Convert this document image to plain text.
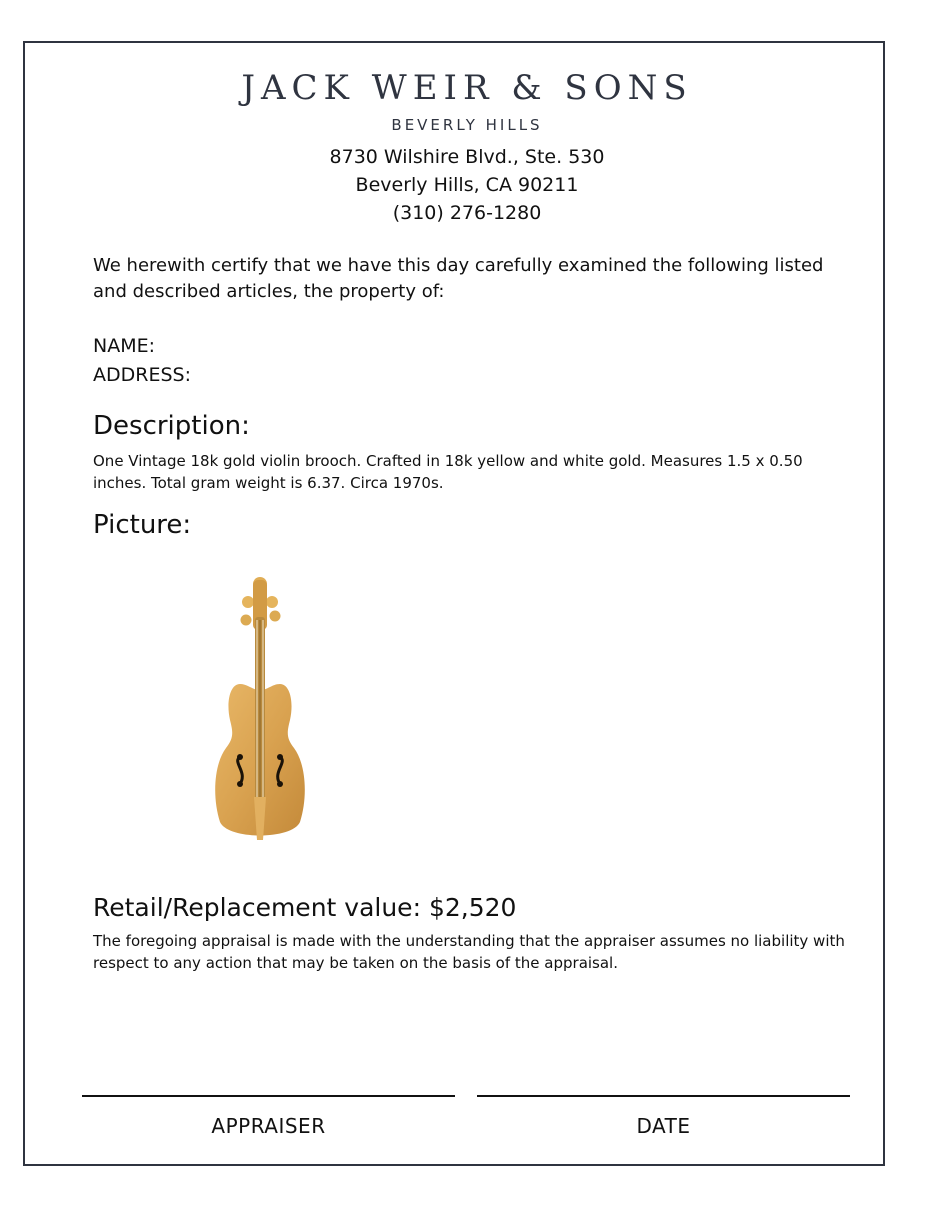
JACK WEIR & SONS
BEVERLY HILLS
8730 Wilshire Blvd., Ste. 530
Beverly Hills, CA 90211
(310) 276-1280
We herewith certify that we have this day carefully examined the following listed and described articles, the property of:
NAME:
ADDRESS:
Description:
One Vintage 18k gold violin brooch. Crafted in 18k yellow and white gold. Measures 1.5 x 0.50 inches. Total gram weight is 6.37. Circa 1970s.
Picture:
Retail/Replacement value: $2,520
The foregoing appraisal is made with the understanding that the appraiser assumes no liability with respect to any action that may be taken on the basis of the appraisal.
APPRAISER	DATE
